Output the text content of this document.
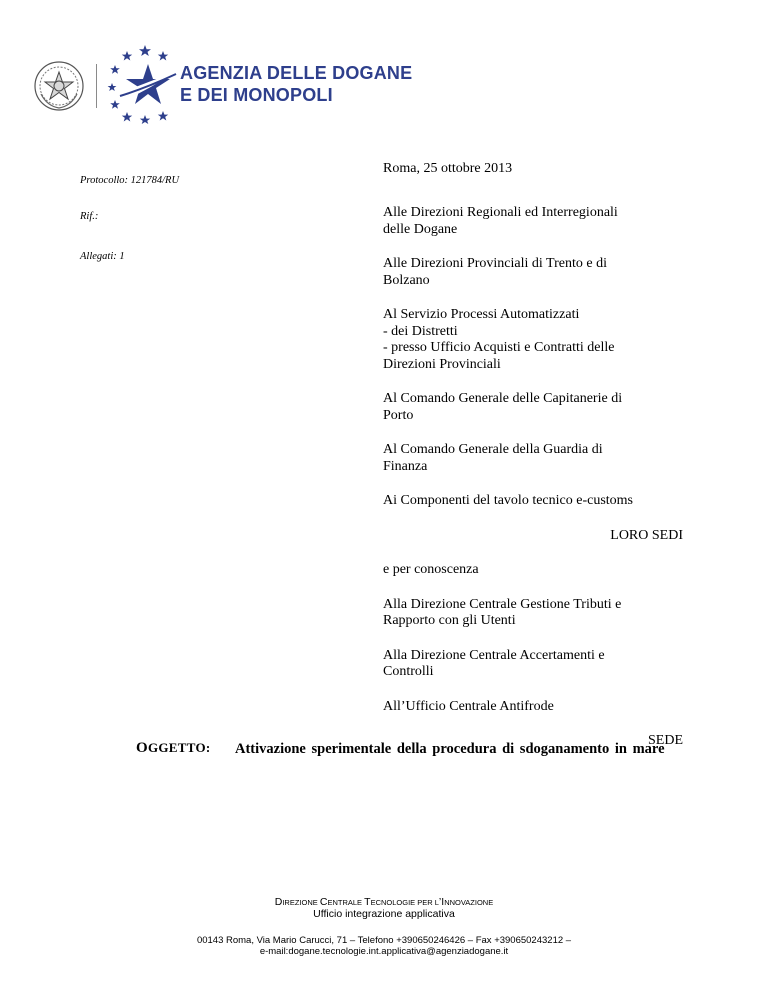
AGENZIA DELLE DOGANE
E DEI MONOPOLI
Protocollo: 121784/RU
Rif.:
Allegati: 1
Roma, 25 ottobre 2013
Alle Direzioni Regionali ed Interregionali
delle Dogane
Alle Direzioni Provinciali di Trento e di
Bolzano
Al Servizio Processi Automatizzati
- dei Distretti
- presso Ufficio Acquisti e Contratti delle
Direzioni Provinciali
Al Comando Generale delle Capitanerie di
Porto
Al Comando Generale della Guardia di
Finanza
Ai Componenti del tavolo tecnico e-customs
LORO SEDI
e per conoscenza
Alla Direzione Centrale Gestione Tributi e
Rapporto con gli Utenti
Alla Direzione Centrale Accertamenti e
Controlli
All’Ufficio Centrale Antifrode
SEDE
OGGETTO: Attivazione sperimentale della procedura di sdoganamento in mare
DIREZIONE CENTRALE TECNOLOGIE PER L’INNOVAZIONE
Ufficio integrazione applicativa
00143 Roma, Via Mario Carucci, 71 – Telefono +390650246426 – Fax +390650243212 –
e-mail:dogane.tecnologie.int.applicativa@agenziadogane.it
